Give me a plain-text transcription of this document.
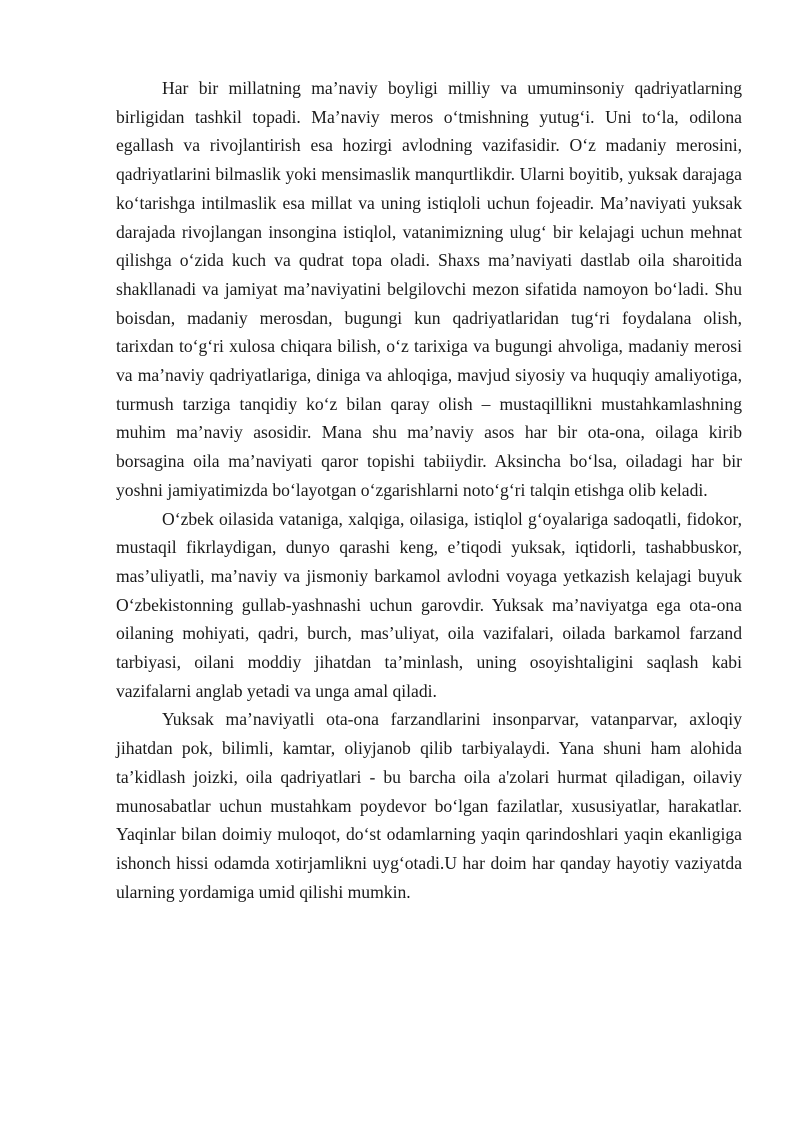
Har bir millatning ma’naviy boyligi milliy va umuminsoniy qadriyatlarning birligidan tashkil topadi. Ma’naviy meros o‘tmishning yutug‘i. Uni to‘la, odilona egallash va rivojlantirish esa hozirgi avlodning vazifasidir. O‘z madaniy merosini, qadriyatlarini bilmaslik yoki mensimaslik manqurtlikdir. Ularni boyitib, yuksak darajaga ko‘tarishga intilmaslik esa millat va uning istiqloli uchun fojeadir. Ma’naviyati yuksak darajada rivojlangan insongina istiqlol, vatanimizning ulug‘ bir kelajagi uchun mehnat qilishga o‘zida kuch va qudrat topa oladi. Shaxs ma’naviyati dastlab oila sharoitida shakllanadi va jamiyat ma’naviyatini belgilovchi mezon sifatida namoyon bo‘ladi. Shu boisdan, madaniy merosdan, bugungi kun qadriyatlaridan tug‘ri foydalana olish, tarixdan to‘g‘ri xulosa chiqara bilish, o‘z tarixiga va bugungi ahvoliga, madaniy merosi va ma’naviy qadriyatlariga, diniga va ahloqiga, mavjud siyosiy va huquqiy amaliyotiga, turmush tarziga tanqidiy ko‘z bilan qaray olish – mustaqillikni mustahkamlashning muhim ma’naviy asosidir. Mana shu ma’naviy asos har bir ota-ona, oilaga kirib borsagina oila ma’naviyati qaror topishi tabiiydir. Aksincha bo‘lsa, oiladagi har bir yoshni jamiyatimizda bo‘layotgan o‘zgarishlarni noto‘g‘ri talqin etishga olib keladi.

O‘zbek oilasida vataniga, xalqiga, oilasiga, istiqlol g‘oyalariga sadoqatli, fidokor, mustaqil fikrlaydigan, dunyo qarashi keng, e’tiqodi yuksak, iqtidorli, tashabbuskor, mas’uliyatli, ma’naviy va jismoniy barkamol avlodni voyaga yetkazish kelajagi buyuk O‘zbekistonning gullab-yashnashi uchun garovdir. Yuksak ma’naviyatga ega ota-ona oilaning mohiyati, qadri, burch, mas’uliyat, oila vazifalari, oilada barkamol farzand tarbiyasi, oilani moddiy jihatdan ta’minlash, uning osoyishtaligini saqlash kabi vazifalarni anglab yetadi va unga amal qiladi.

Yuksak ma’naviyatli ota-ona farzandlarini insonparvar, vatanparvar, axloqiy jihatdan pok, bilimli, kamtar, oliyjanob qilib tarbiyalaydi. Yana shuni ham alohida ta’kidlash joizki, oila qadriyatlari - bu barcha oila a'zolari hurmat qiladigan, oilaviy munosabatlar uchun mustahkam poydevor bo‘lgan fazilatlar, xususiyatlar, harakatlar. Yaqinlar bilan doimiy muloqot, do‘st odamlarning yaqin qarindoshlari yaqin ekanligiga ishonch hissi odamda xotirjamlikni uyg‘otadi.U har doim har qanday hayotiy vaziyatda ularning yordamiga umid qilishi mumkin.
